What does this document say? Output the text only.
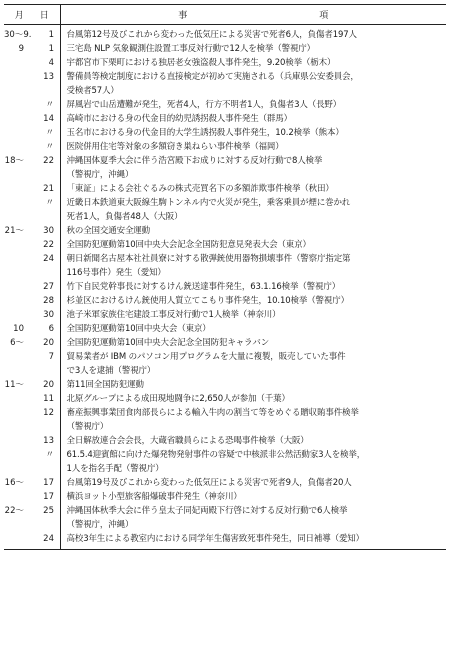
月 日	事 項

30～9. 1	台風第12号及びこれから変わった低気圧による災害で死者6人，負傷者197人

9 1	三宅島 NLP 気象観測住設置工事反対行動で12人を検挙（警視庁）

4	宇都宮市下栗町における独居老女強盗殺人事件発生，9.20検挙（栃木）

13	警備員等検定制度における直接検定が初めて実施される（兵庫県公安委員会，
受検者57人）

〃	屏風岩で山岳遭難が発生，死者4人，行方不明者1人，負傷者3人（長野）

14	高崎市における身の代金目的幼児誘拐殺人事件発生（群馬）

〃	玉名市における身の代金目的大学生誘拐殺人事件発生，10.2検挙（熊本）

〃	医院併用住宅等対象の多額窃き巣ねらい事件検挙（福岡）

18～ 22	沖縄国体夏季大会に伴う浩宮殿下お成りに対する反対行動で8人検挙
（警視庁，沖縄）

21	「東証」による会社ぐるみの株式売買名下の多額詐欺事件検挙（秋田）

〃	近畿日本鉄道東大阪線生駒トンネル内で火災が発生，乗客乗員が煙に巻かれ
死者1人，負傷者48人（大阪）

21～ 30	秋の全国交通安全運動

22	全国防犯運動第10回中央大会記念全国防犯意見発表大会（東京）

24	朝日新聞名古屋本社社員寮に対する散弾銃使用器物損壊事件（警察庁指定第
116号事件）発生（愛知）

27	竹下自民党幹事長に対するけん銃送達事件発生，63.1.16検挙（警視庁）

28	杉並区におけるけん銃使用人質立てこもり事件発生，10.10検挙（警視庁）

30	池子米軍家族住宅建設工事反対行動で1人検挙（神奈川）

10 6	全国防犯運動第10回中央大会（東京）

6～ 20	全国防犯運動第10回中央大会記念全国防犯キャラバン

7	貿易業者が IBM のパソコン用プログラムを大量に複製，販売していた事件
で3人を逮捕（警視庁）

11～ 20	第11回全国防犯運動

11	北原グループによる成田現地闘争に2,650人が参加（千葉）

12	畜産振興事業団食肉部長らによる輸入牛肉の割当て等をめぐる贈収賄事件検挙
（警視庁）

13	全日解放連合会会長，大蔵省職員らによる恐喝事件検挙（大阪）

〃	61.5.4迎賓館に向けた爆発物発射事件の容疑で中核派非公然活動家3人を検挙，
1人を指名手配（警視庁）

16～ 17	台風第19号及びこれから変わった低気圧による災害で死者9人，負傷者20人

17	横浜ヨット小型旅客船爆破事件発生（神奈川）

22～ 25	沖縄国体秋季大会に伴う皇太子同妃両殿下行啓に対する反対行動で6人検挙
（警視庁，沖縄）

24	高校3年生による教室内における同学年生傷害致死事件発生，同日補導（愛知）
